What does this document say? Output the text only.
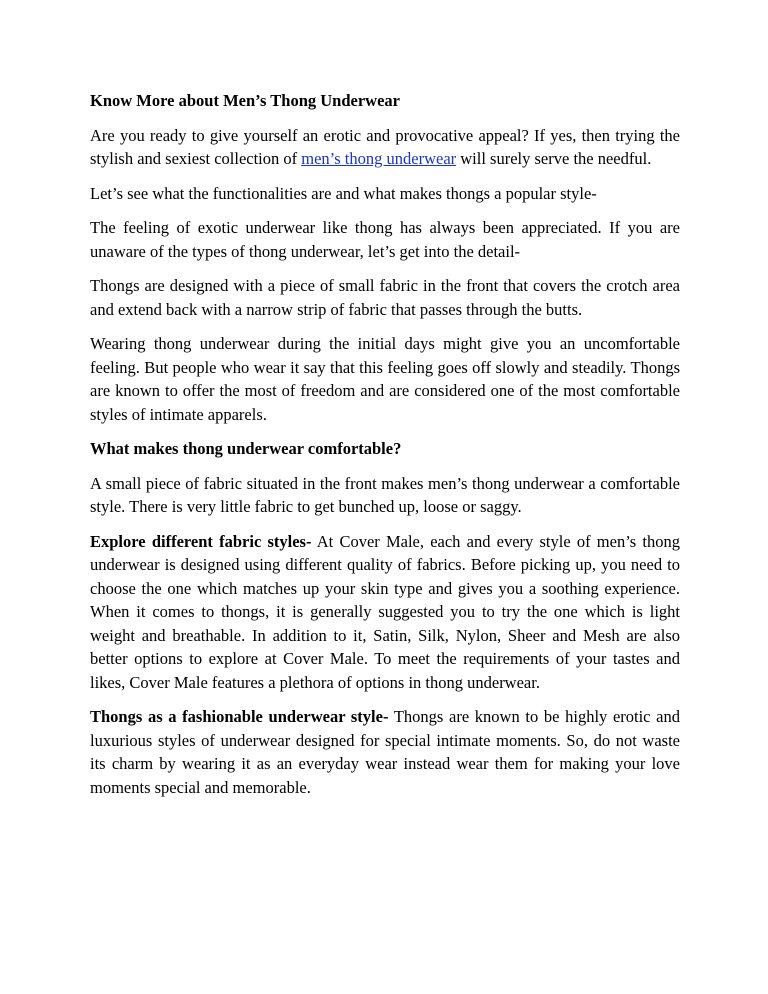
Know More about Men’s Thong Underwear

Are you ready to give yourself an erotic and provocative appeal? If yes, then trying the stylish and sexiest collection of men’s thong underwear will surely serve the needful.

Let’s see what the functionalities are and what makes thongs a popular style-

The feeling of exotic underwear like thong has always been appreciated. If you are unaware of the types of thong underwear, let’s get into the detail-

Thongs are designed with a piece of small fabric in the front that covers the crotch area and extend back with a narrow strip of fabric that passes through the butts.

Wearing thong underwear during the initial days might give you an uncomfortable feeling. But people who wear it say that this feeling goes off slowly and steadily. Thongs are known to offer the most of freedom and are considered one of the most comfortable styles of intimate apparels.

What makes thong underwear comfortable?

A small piece of fabric situated in the front makes men’s thong underwear a comfortable style. There is very little fabric to get bunched up, loose or saggy.

Explore different fabric styles- At Cover Male, each and every style of men’s thong underwear is designed using different quality of fabrics. Before picking up, you need to choose the one which matches up your skin type and gives you a soothing experience. When it comes to thongs, it is generally suggested you to try the one which is light weight and breathable. In addition to it, Satin, Silk, Nylon, Sheer and Mesh are also better options to explore at Cover Male. To meet the requirements of your tastes and likes, Cover Male features a plethora of options in thong underwear.

Thongs as a fashionable underwear style- Thongs are known to be highly erotic and luxurious styles of underwear designed for special intimate moments. So, do not waste its charm by wearing it as an everyday wear instead wear them for making your love moments special and memorable.
